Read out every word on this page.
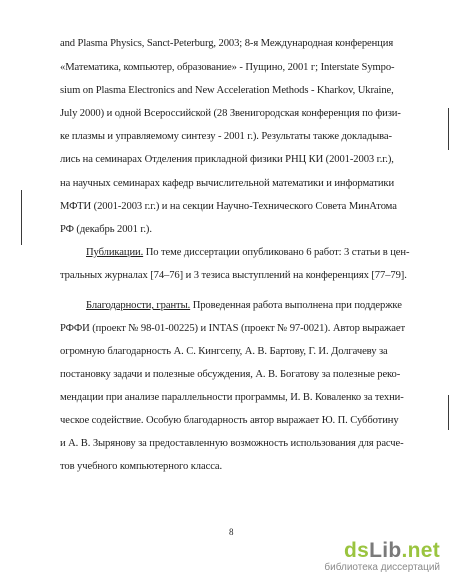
and Plasma Physics, Sanct-Peterburg, 2003; 8-я Международная конференция
«Математика, компьютер, образование» - Пущино, 2001 г; Interstate Sympo-
sium on Plasma Electronics and New Acceleration Methods - Kharkov, Ukraine,
July 2000) и одной Всероссийской (28 Звенигородская конференция по физи-
ке плазмы и управляемому синтезу - 2001 г.). Результаты также докладыва-
лись на семинарах Отделения прикладной физики РНЦ КИ (2001-2003 г.г.),
на научных семинарах кафедр вычислительной математики и информатики
МФТИ (2001-2003 г.г.) и на секции Научно-Технического Совета МинАтома
РФ (декабрь 2001 г.).
Публикации. По теме диссертации опубликовано 6 работ: 3 статьи в цен-
тральных журналах [74–76] и 3 тезиса выступлений на конференциях [77–79].
Благодарности, гранты. Проведенная работа выполнена при поддержке
РФФИ (проект № 98-01-00225) и INTAS (проект № 97-0021). Автор выражает
огромную благодарность А. С. Кингсепу, А. В. Бартову, Г. И. Долгачеву за
постановку задачи и полезные обсуждения, А. В. Богатову за полезные реко-
мендации при анализе параллельности программы, И. В. Коваленко за техни-
ческое содействие. Особую благодарность автор выражает Ю. П. Субботину
и А. В. Зырянову за предоставленную возможность использования для расче-
тов учебного компьютерного класса.
8
dsLib.net
библиотека диссертаций
